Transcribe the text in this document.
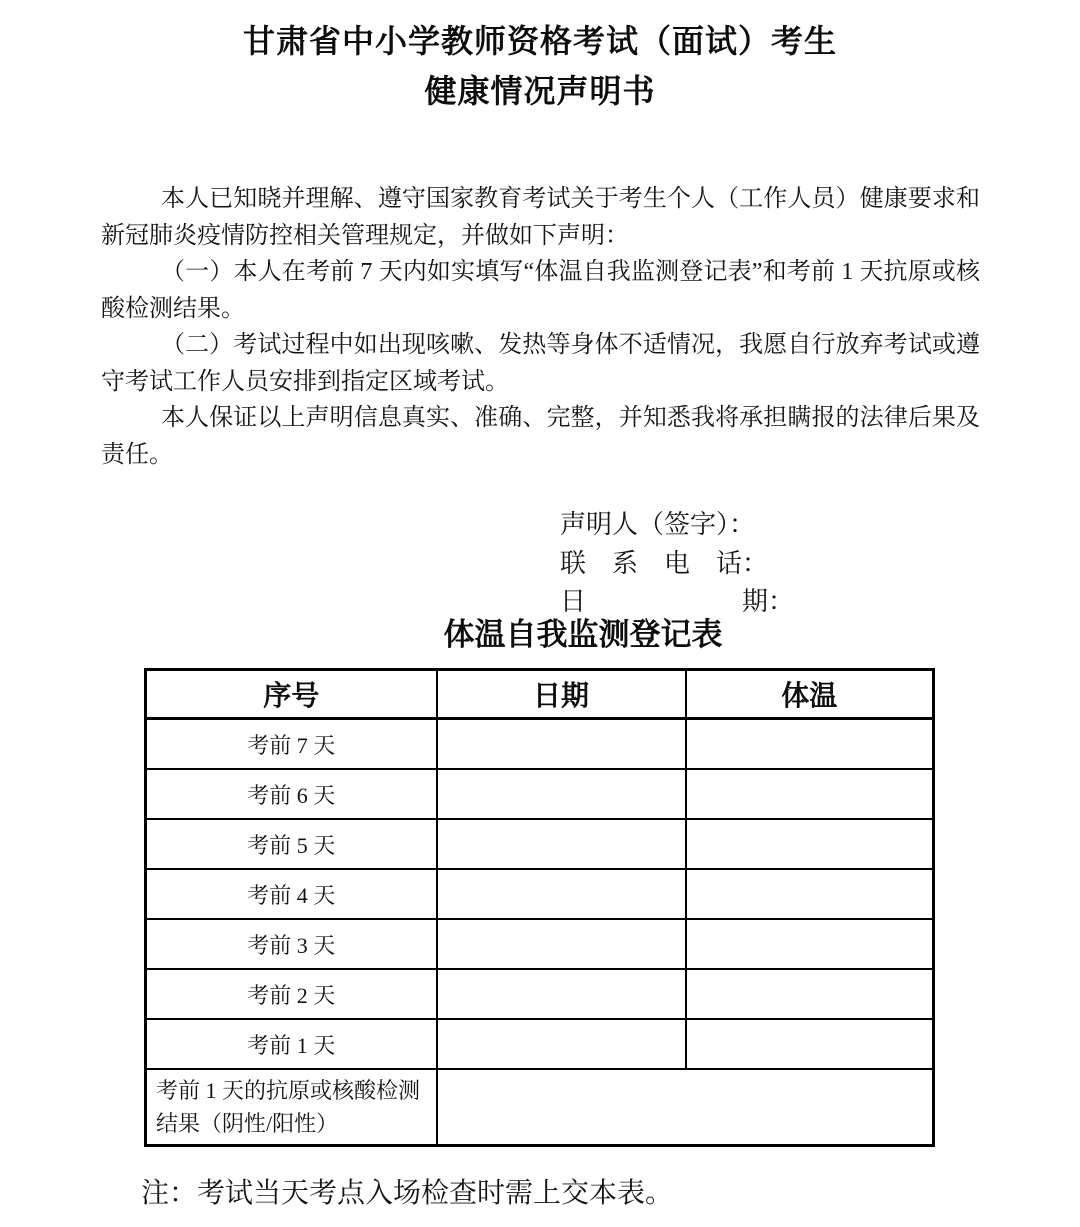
甘肃省中小学教师资格考试（面试）考生
健康情况声明书

本人已知晓并理解、遵守国家教育考试关于考生个人（工作人员）健康要求和新冠肺炎疫情防控相关管理规定，并做如下声明：

（一）本人在考前 7 天内如实填写“体温自我监测登记表”和考前 1 天抗原或核酸检测结果。

（二）考试过程中如出现咳嗽、发热等身体不适情况，我愿自行放弃考试或遵守考试工作人员安排到指定区域考试。

本人保证以上声明信息真实、准确、完整，并知悉我将承担瞒报的法律后果及责任。

声明人（签字）：
联　系　电　话：
日　　　　　　期：
体温自我监测登记表
序号	日期	体温
考前 7 天		
考前 6 天		
考前 5 天		
考前 4 天		
考前 3 天		
考前 2 天		
考前 1 天		
考前 1 天的抗原或核酸检测结果（阴性/阳性）		
注：考试当天考点入场检查时需上交本表。
